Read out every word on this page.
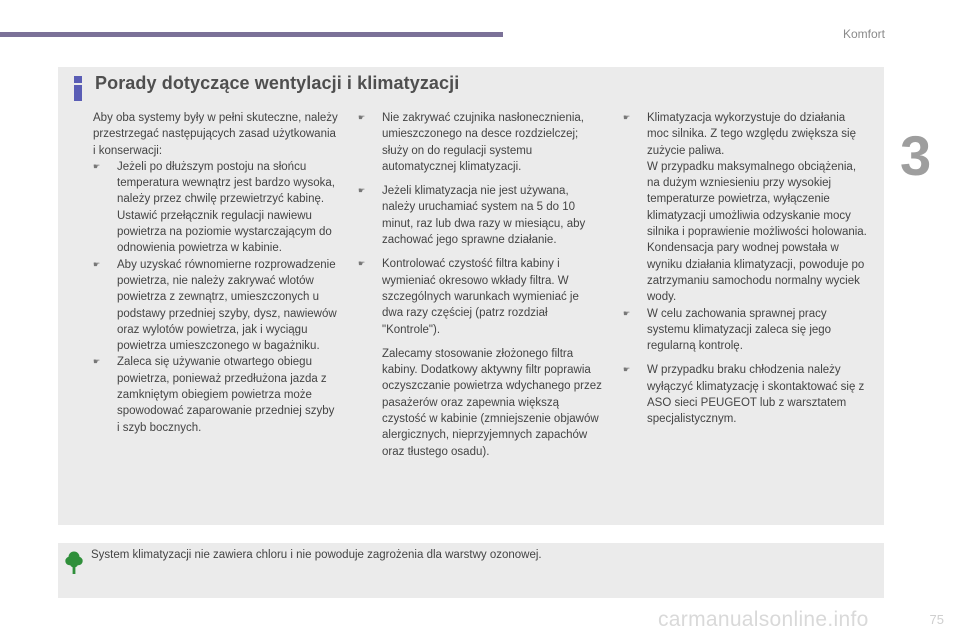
Komfort
3
Porady dotyczące wentylacji i klimatyzacji

Aby oba systemy były w pełni skuteczne, należy przestrzegać następujących zasad użytkowania i konserwacji:

☛ Jeżeli po dłuższym postoju na słońcu temperatura wewnątrz jest bardzo wysoka, należy przez chwilę przewietrzyć kabinę.

Ustawić przełącznik regulacji nawiewu powietrza na poziomie wystarczającym do odnowienia powietrza w kabinie.

☛ Aby uzyskać równomierne rozprowadzenie powietrza, nie należy zakrywać wlotów powietrza z zewnątrz, umieszczonych u podstawy przedniej szyby, dysz, nawiewów oraz wylotów powietrza, jak i wyciągu powietrza umieszczonego w bagażniku.

☛ Zaleca się używanie otwartego obiegu powietrza, ponieważ przedłużona jazda z zamkniętym obiegiem powietrza może spowodować zaparowanie przedniej szyby i szyb bocznych.

☛ Nie zakrywać czujnika nasłonecznienia, umieszczonego na desce rozdzielczej; służy on do regulacji systemu automatycznej klimatyzacji.

☛ Jeżeli klimatyzacja nie jest używana, należy uruchamiać system na 5 do 10 minut, raz lub dwa razy w miesiącu, aby zachować jego sprawne działanie.

☛ Kontrolować czystość filtra kabiny i wymieniać okresowo wkłady filtra. W szczególnych warunkach wymieniać je dwa razy częściej (patrz rozdział "Kontrole").

Zalecamy stosowanie złożonego filtra kabiny. Dodatkowy aktywny filtr poprawia oczyszczanie powietrza wdychanego przez pasażerów oraz zapewnia większą czystość w kabinie (zmniejszenie objawów alergicznych, nieprzyjemnych zapachów oraz tłustego osadu).

☛ Klimatyzacja wykorzystuje do działania moc silnika. Z tego względu zwiększa się zużycie paliwa.

W przypadku maksymalnego obciążenia, na dużym wzniesieniu przy wysokiej temperaturze powietrza, wyłączenie klimatyzacji umożliwia odzyskanie mocy silnika i poprawienie możliwości holowania.

Kondensacja pary wodnej powstała w wyniku działania klimatyzacji, powoduje po zatrzymaniu samochodu normalny wyciek wody.

☛ W celu zachowania sprawnej pracy systemu klimatyzacji zaleca się jego regularną kontrolę.

☛ W przypadku braku chłodzenia należy wyłączyć klimatyzację i skontaktować się z ASO sieci PEUGEOT lub z warsztatem specjalistycznym.

System klimatyzacji nie zawiera chloru i nie powoduje zagrożenia dla warstwy ozonowej.
carmanualsonline.info	75
